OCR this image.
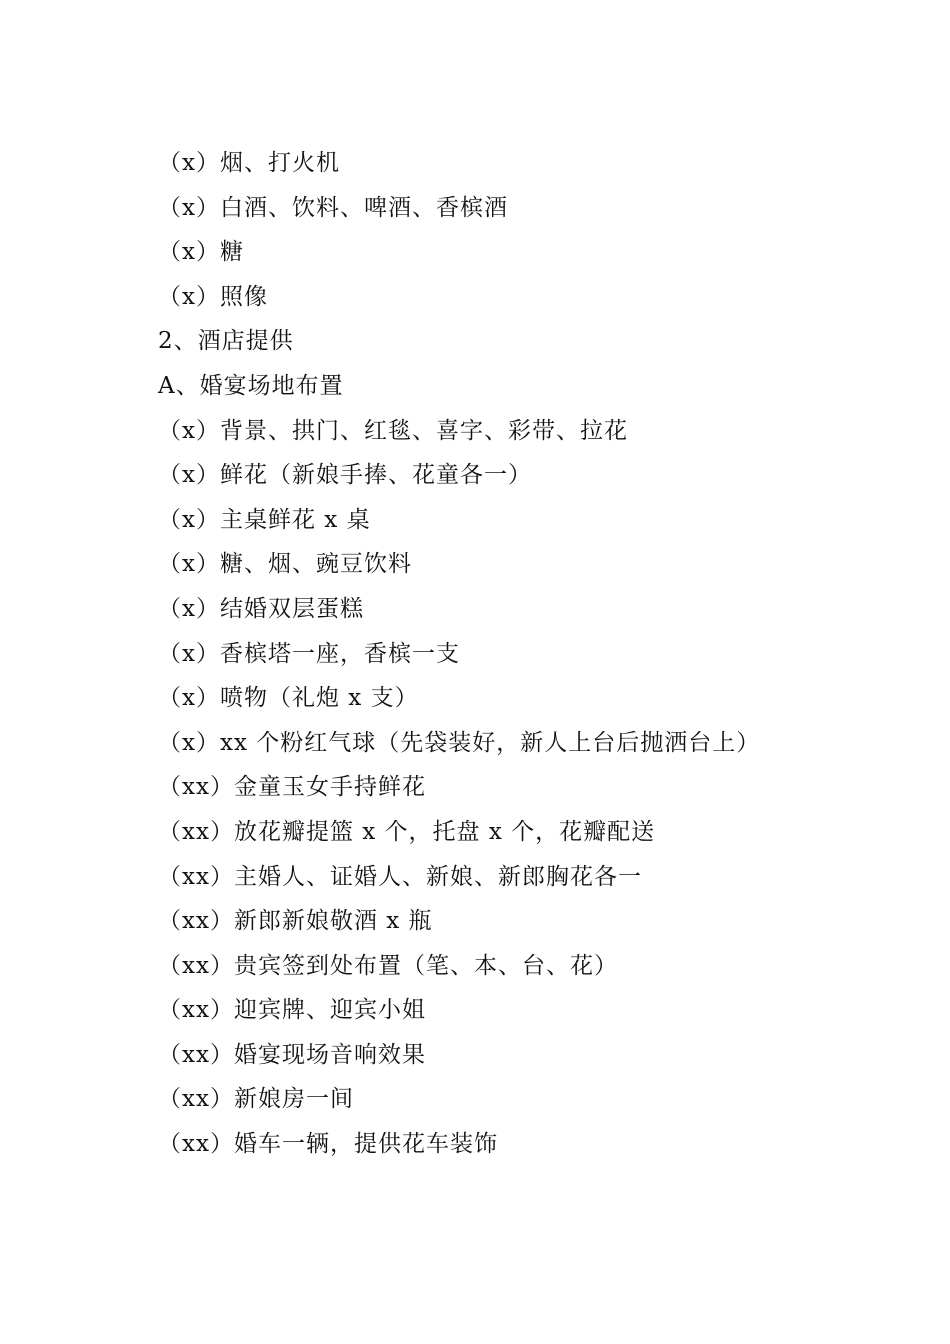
（x）烟、打火机
（x）白酒、饮料、啤酒、香槟酒
（x）糖
（x）照像
2、酒店提供
A、婚宴场地布置
（x）背景、拱门、红毯、喜字、彩带、拉花
（x）鲜花（新娘手捧、花童各一）
（x）主桌鲜花 x 桌
（x）糖、烟、豌豆饮料
（x）结婚双层蛋糕
（x）香槟塔一座，香槟一支
（x）喷物（礼炮 x 支）
（x）xx 个粉红气球（先袋装好，新人上台后抛洒台上）
（xx）金童玉女手持鲜花
（xx）放花瓣提篮 x 个，托盘 x 个，花瓣配送
（xx）主婚人、证婚人、新娘、新郎胸花各一
（xx）新郎新娘敬酒 x 瓶
（xx）贵宾签到处布置（笔、本、台、花）
（xx）迎宾牌、迎宾小姐
（xx）婚宴现场音响效果
（xx）新娘房一间
（xx）婚车一辆，提供花车装饰
